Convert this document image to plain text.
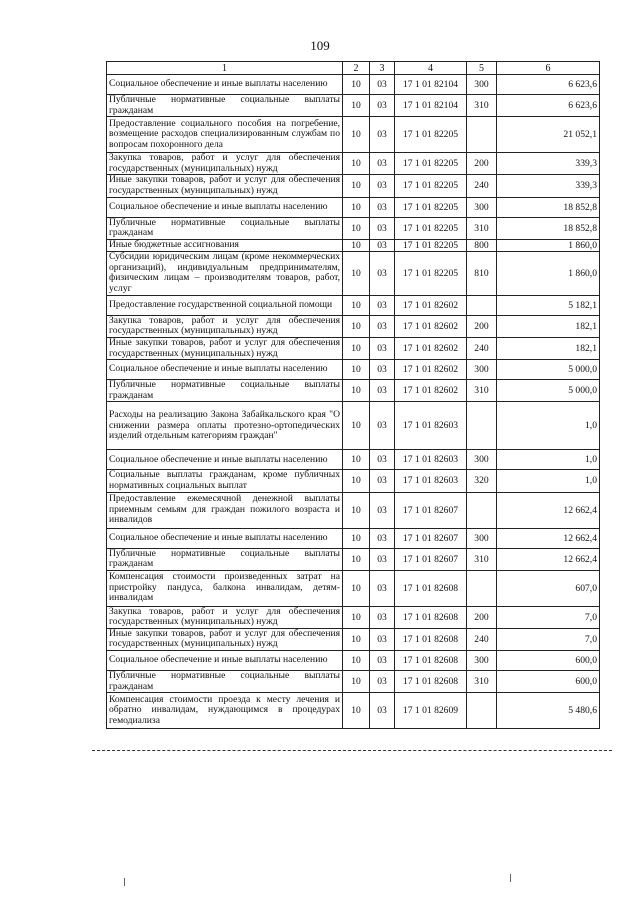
109
1	2	3	4	5	6
Социальное обеспечение и иные выплаты населению	10	03	17 1 01 82104	300	6 623,6
Публичные нормативные социальные выплаты гражданам	10	03	17 1 01 82104	310	6 623,6
Предоставление социального пособия на погребение, возмещение расходов специализированным службам по вопросам похоронного дела	10	03	17 1 01 82205		21 052,1
Закупка товаров, работ и услуг для обеспечения государственных (муниципальных) нужд	10	03	17 1 01 82205	200	339,3
Иные закупки товаров, работ и услуг для обеспечения государственных (муниципальных) нужд	10	03	17 1 01 82205	240	339,3
Социальное обеспечение и иные выплаты населению	10	03	17 1 01 82205	300	18 852,8
Публичные нормативные социальные выплаты гражданам	10	03	17 1 01 82205	310	18 852,8
Иные бюджетные ассигнования	10	03	17 1 01 82205	800	1 860,0
Субсидии юридическим лицам (кроме некоммерческих организаций), индивидуальным предпринимателям, физическим лицам – производителям товаров, работ, услуг	10	03	17 1 01 82205	810	1 860,0
Предоставление государственной социальной помощи	10	03	17 1 01 82602		5 182,1
Закупка товаров, работ и услуг для обеспечения государственных (муниципальных) нужд	10	03	17 1 01 82602	200	182,1
Иные закупки товаров, работ и услуг для обеспечения государственных (муниципальных) нужд	10	03	17 1 01 82602	240	182,1
Социальное обеспечение и иные выплаты населению	10	03	17 1 01 82602	300	5 000,0
Публичные нормативные социальные выплаты гражданам	10	03	17 1 01 82602	310	5 000,0
Расходы на реализацию Закона Забайкальского края "О снижении размера оплаты протезно-ортопедических изделий отдельным категориям граждан"	10	03	17 1 01 82603		1,0
Социальное обеспечение и иные выплаты населению	10	03	17 1 01 82603	300	1,0
Социальные выплаты гражданам, кроме публичных нормативных социальных выплат	10	03	17 1 01 82603	320	1,0
Предоставление ежемесячной денежной выплаты приемным семьям для граждан пожилого возраста и инвалидов	10	03	17 1 01 82607		12 662,4
Социальное обеспечение и иные выплаты населению	10	03	17 1 01 82607	300	12 662,4
Публичные нормативные социальные выплаты гражданам	10	03	17 1 01 82607	310	12 662,4
Компенсация стоимости произведенных затрат на пристройку пандуса, балкона инвалидам, детям-инвалидам	10	03	17 1 01 82608		607,0
Закупка товаров, работ и услуг для обеспечения государственных (муниципальных) нужд	10	03	17 1 01 82608	200	7,0
Иные закупки товаров, работ и услуг для обеспечения государственных (муниципальных) нужд	10	03	17 1 01 82608	240	7,0
Социальное обеспечение и иные выплаты населению	10	03	17 1 01 82608	300	600,0
Публичные нормативные социальные выплаты гражданам	10	03	17 1 01 82608	310	600,0
Компенсация стоимости проезда к месту лечения и обратно инвалидам, нуждающимся в процедурах гемодиализа	10	03	17 1 01 82609		5 480,6
